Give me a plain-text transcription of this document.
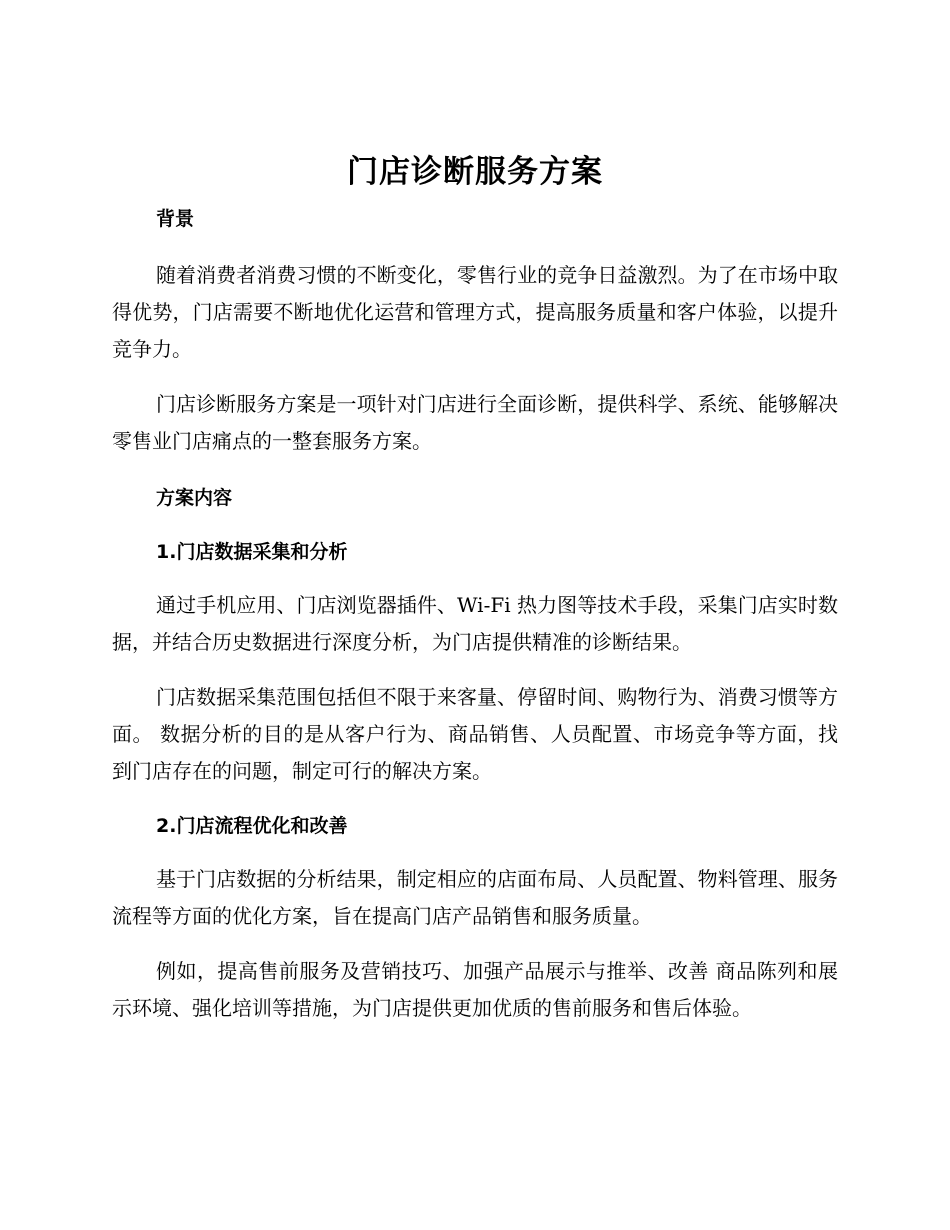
门店诊断服务方案

背景

随着消费者消费习惯的不断变化，零售行业的竞争日益激烈。为了在市场中取得优势，门店需要不断地优化运营和管理方式，提高服务质量和客户体验，以提升竞争力。

门店诊断服务方案是一项针对门店进行全面诊断，提供科学、系统、能够解决零售业门店痛点的一整套服务方案。

方案内容

1.门店数据采集和分析

通过手机应用、门店浏览器插件、Wi-Fi 热力图等技术手段，采集门店实时数据，并结合历史数据进行深度分析，为门店提供精准的诊断结果。

门店数据采集范围包括但不限于来客量、停留时间、购物行为、消费习惯等方面。 数据分析的目的是从客户行为、商品销售、人员配置、市场竞争等方面，找到门店存在的问题，制定可行的解决方案。

2.门店流程优化和改善

基于门店数据的分析结果，制定相应的店面布局、人员配置、物料管理、服务流程等方面的优化方案，旨在提高门店产品销售和服务质量。

例如，提高售前服务及营销技巧、加强产品展示与推举、改善 商品陈列和展示环境、强化培训等措施，为门店提供更加优质的售前服务和售后体验。
